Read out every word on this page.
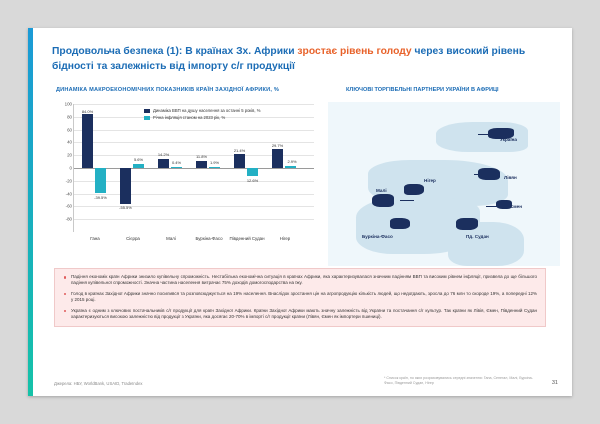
Продовольча безпека (1): В країнах Зх. Африки зростає рівень голоду через високий рівень бідності та залежність від імпорту с/г продукції
ДИНАМІКА МАКРОЕКОНОМІЧНИХ ПОКАЗНИКІВ КРАЇН ЗАХІДНОЇ АФРИКИ, %
100
80
60
40
20
0
-20
-40
-60
-80
Динаміка ВВП на душу населення за останні 5 років, %
Річна інфляція станом на 2023 рік, %
84.0%
-39.5%
Гана
-55.5%
5.6%
Сієрра
14.2%
0.4%
Малі
11.8%
1.9%
Буркіна-Фасо
21.4%
12.6%
Південний Судан
29.7%
2.9%
Нігер
КЛЮЧОВІ ТОРГІВЕЛЬНІ ПАРТНЕРИ УКРАЇНИ В АФРИЦІ
Україна
Лівян
Нігер
Малі
Ємен
Буркіна-Фасо	Пд. Судан
Падіння економік країн Африки знизило купівельну спроможність. Нестабільна економічна ситуація в країнах Африки, яка характеризувалася значним падінням ВВП та високим рівнем інфляції, призвела до ще більшого падіння купівельної спроможності. Значна частина населення витрачає 75% доходів домогосподарства на їжу.
Голод в країнах Західної Африки значно посилився та розповсюджується на 19% населення. Внаслідок зростання цін на агропродукцію кількість людей, що недоїдають, зросла до 76 млн то скороде 19%, а попередні 12% у 2015 році.
Україна є одним з ключових постачальників с/г продукції для країн Західної Африки. Країни Західної Африки мають значну залежність від України та постачання с/г культур. Так країни як Лівія, Ємен, Південний Судан характеризуються високою залежністю від продукції з України, яка досягає 20-70% в імпорті с/г продукції країни (Лівян, Ємен як імпортери пшениці).
Джерела: НБУ, WorldBank, USAID, TradeIndex
* Список країн, по яких розраховувались середні значення: Гана, Сенегал, Малі, Буркіна-Фасо, Південний Судан, Нігер	31
